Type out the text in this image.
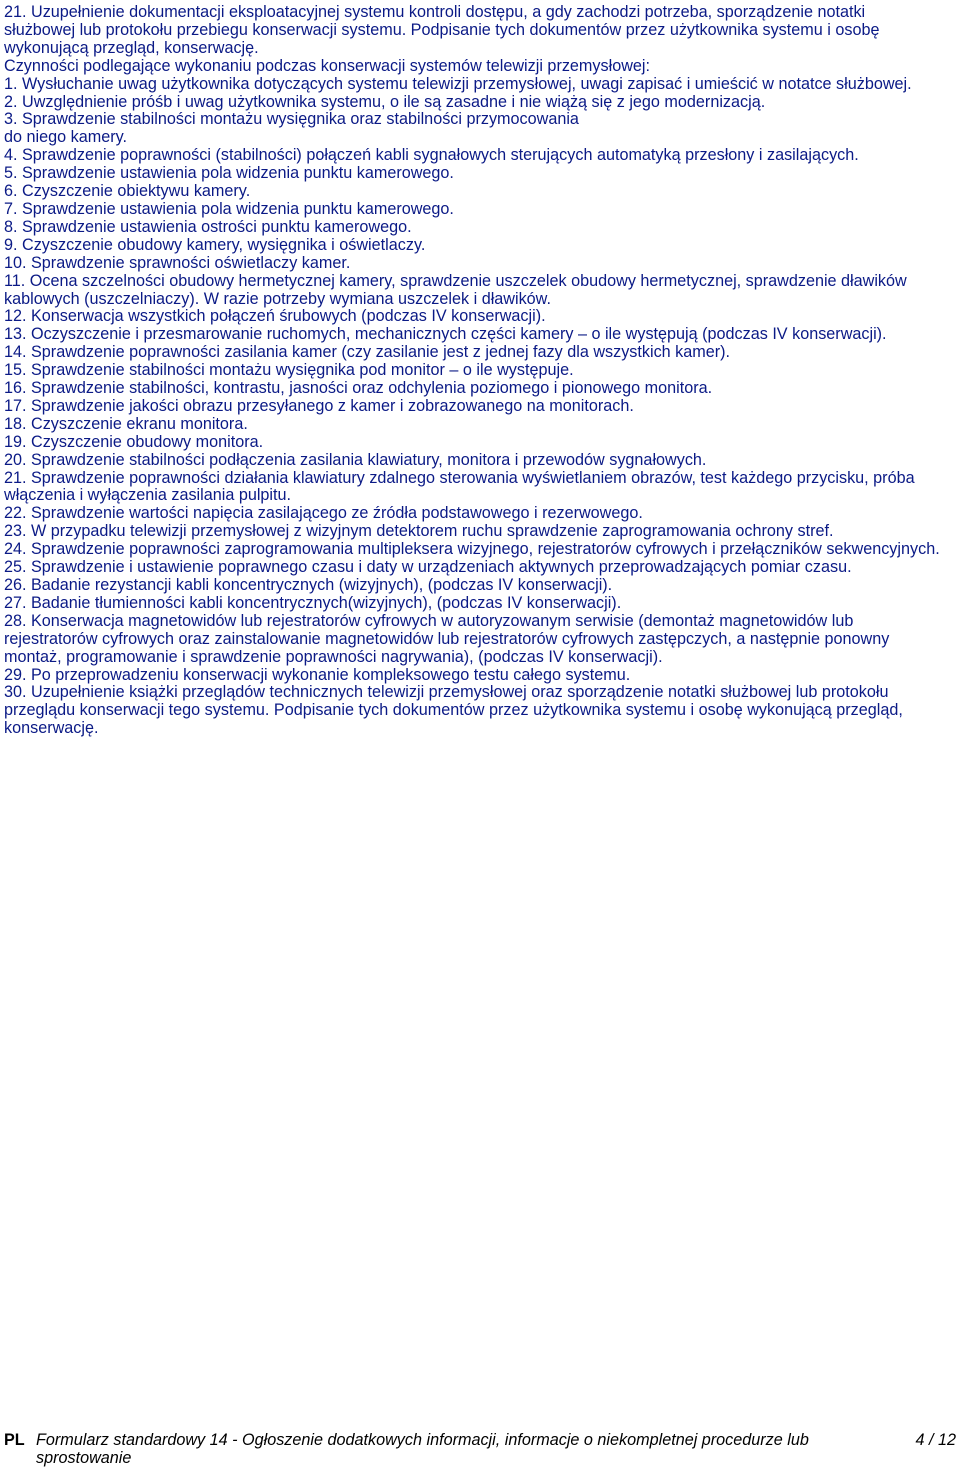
21. Uzupełnienie dokumentacji eksploatacyjnej systemu kontroli dostępu, a gdy zachodzi potrzeba, sporządzenie notatki służbowej lub protokołu przebiegu konserwacji systemu. Podpisanie tych dokumentów przez użytkownika systemu i osobę wykonującą przegląd, konserwację.

Czynności podlegające wykonaniu podczas konserwacji systemów telewizji przemysłowej:

1. Wysłuchanie uwag użytkownika dotyczących systemu telewizji przemysłowej, uwagi zapisać i umieścić w notatce służbowej.

2. Uwzględnienie próśb i uwag użytkownika systemu, o ile są zasadne i nie wiążą się z jego modernizacją.

3. Sprawdzenie stabilności montażu wysięgnika oraz stabilności przymocowania

do niego kamery.

4. Sprawdzenie poprawności (stabilności) połączeń kabli sygnałowych sterujących automatyką przesłony i zasilających.

5. Sprawdzenie ustawienia pola widzenia punktu kamerowego.

6. Czyszczenie obiektywu kamery.

7. Sprawdzenie ustawienia pola widzenia punktu kamerowego.

8. Sprawdzenie ustawienia ostrości punktu kamerowego.

9. Czyszczenie obudowy kamery, wysięgnika i oświetlaczy.

10. Sprawdzenie sprawności oświetlaczy kamer.

11. Ocena szczelności obudowy hermetycznej kamery, sprawdzenie uszczelek obudowy hermetycznej, sprawdzenie dławików kablowych (uszczelniaczy). W razie potrzeby wymiana uszczelek i dławików.

12. Konserwacja wszystkich połączeń śrubowych (podczas IV konserwacji).

13. Oczyszczenie i przesmarowanie ruchomych, mechanicznych części kamery – o ile występują (podczas IV konserwacji).

14. Sprawdzenie poprawności zasilania kamer (czy zasilanie jest z jednej fazy dla wszystkich kamer).

15. Sprawdzenie stabilności montażu wysięgnika pod monitor – o ile występuje.

16. Sprawdzenie stabilności, kontrastu, jasności oraz odchylenia poziomego i pionowego monitora.

17. Sprawdzenie jakości obrazu przesyłanego z kamer i zobrazowanego na monitorach.

18. Czyszczenie ekranu monitora.

19. Czyszczenie obudowy monitora.

20. Sprawdzenie stabilności podłączenia zasilania klawiatury, monitora i przewodów sygnałowych.

21. Sprawdzenie poprawności działania klawiatury zdalnego sterowania wyświetlaniem obrazów, test każdego przycisku, próba włączenia i wyłączenia zasilania pulpitu.

22. Sprawdzenie wartości napięcia zasilającego ze źródła podstawowego i rezerwowego.

23. W przypadku telewizji przemysłowej z wizyjnym detektorem ruchu sprawdzenie zaprogramowania ochrony stref.

24. Sprawdzenie poprawności zaprogramowania multipleksera wizyjnego, rejestratorów cyfrowych i przełączników sekwencyjnych.

25. Sprawdzenie i ustawienie poprawnego czasu i daty w urządzeniach aktywnych przeprowadzających pomiar czasu.

26. Badanie rezystancji kabli koncentrycznych (wizyjnych), (podczas IV konserwacji).

27. Badanie tłumienności kabli koncentrycznych(wizyjnych), (podczas IV konserwacji).

28. Konserwacja magnetowidów lub rejestratorów cyfrowych w autoryzowanym serwisie (demontaż magnetowidów lub rejestratorów cyfrowych oraz zainstalowanie magnetowidów lub rejestratorów cyfrowych zastępczych, a następnie ponowny montaż, programowanie i sprawdzenie poprawności nagrywania), (podczas IV konserwacji).

29. Po przeprowadzeniu konserwacji wykonanie kompleksowego testu całego systemu.

30. Uzupełnienie książki przeglądów technicznych telewizji przemysłowej oraz sporządzenie notatki służbowej lub protokołu przeglądu konserwacji tego systemu. Podpisanie tych dokumentów przez użytkownika systemu i osobę wykonującą przegląd, konserwację.

PL Formularz standardowy 14 - Ogłoszenie dodatkowych informacji, informacje o niekompletnej procedurze lub sprostowanie
4 / 12
